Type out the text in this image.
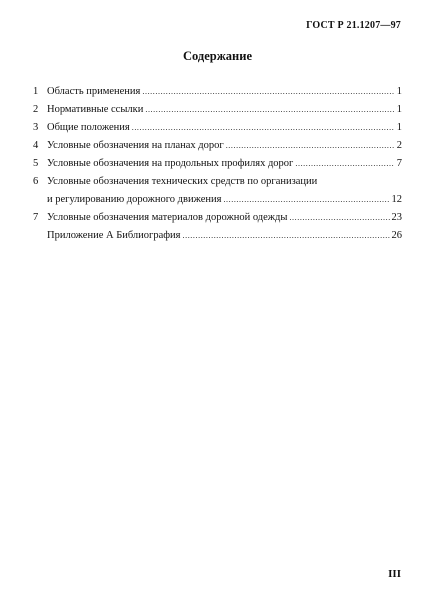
ГОСТ Р 21.1207—97
Содержание
1 Область применения .....	1
2 Нормативные ссылки .....	1
3 Общие положения .....	1
4 Условные обозначения на планах дорог .....	2
5 Условные обозначения на продольных профилях дорог .....	7
6 Условные обозначения технических средств по организации
и регулированию дорожного движения .....	12
7 Условные обозначения материалов дорожной одежды .....	23
Приложение А Библиография .....	26
III
